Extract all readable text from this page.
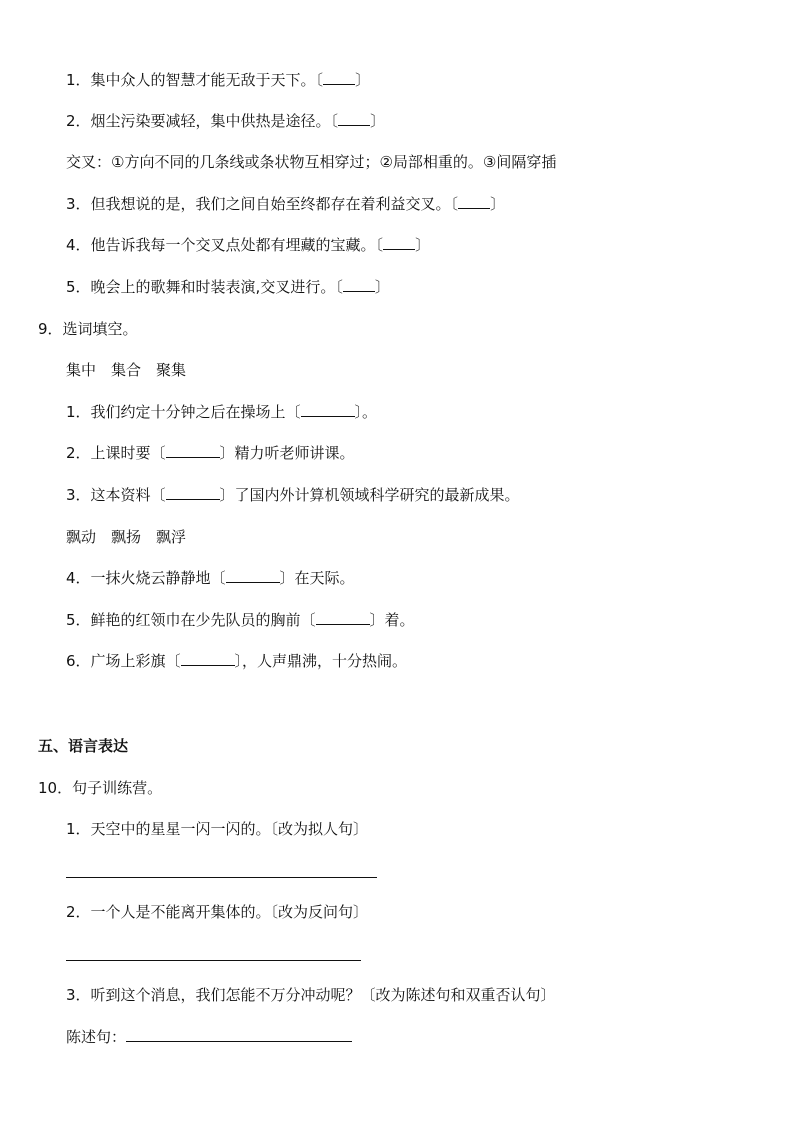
1．集中众人的智慧才能无敌于天下。〔 〕
2．烟尘污染要减轻，集中供热是途径。〔 〕
交叉：①方向不同的几条线或条状物互相穿过；②局部相重的。③间隔穿插
3．但我想说的是，我们之间自始至终都存在着利益交叉。〔 〕
4．他告诉我每一个交叉点处都有埋藏的宝藏。〔 〕
5．晚会上的歌舞和时装表演,交叉进行。〔 〕
9．选词填空。
集中　集合　聚集
1．我们约定十分钟之后在操场上〔	〕。
2．上课时要〔	〕精力听老师讲课。
3．这本资料〔	〕了国内外计算机领域科学研究的最新成果。
飘动　飘扬　飘浮
4．一抹火烧云静静地〔	〕在天际。
5．鲜艳的红领巾在少先队员的胸前〔	〕着。
6．广场上彩旗〔	〕，人声鼎沸，十分热闹。
五、语言表达
10．句子训练营。
1．天空中的星星一闪一闪的。〔改为拟人句〕
2．一个人是不能离开集体的。〔改为反问句〕
3．听到这个消息，我们怎能不万分冲动呢？〔改为陈述句和双重否认句〕
陈述句：
